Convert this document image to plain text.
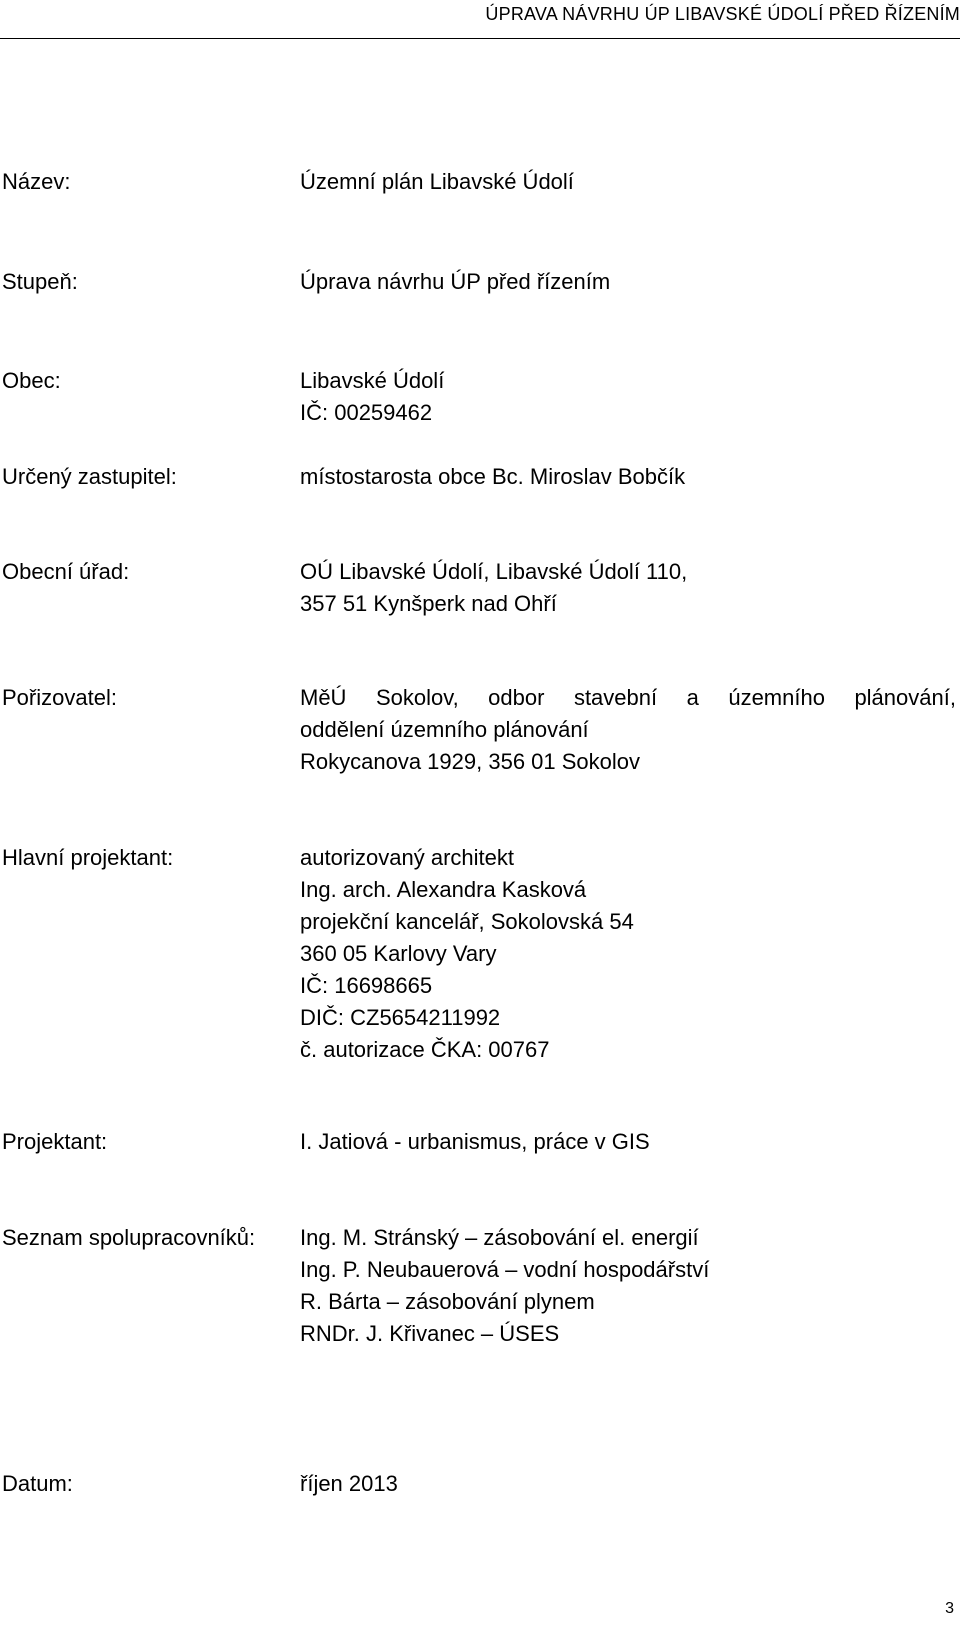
ÚPRAVA NÁVRHU ÚP LIBAVSKÉ ÚDOLÍ PŘED ŘÍZENÍM
Název:	Územní plán Libavské Údolí
Stupeň:	Úprava návrhu ÚP před řízením
Obec:	Libavské Údolí
IČ: 00259462
Určený zastupitel:	místostarosta obce Bc. Miroslav Bobčík
Obecní úřad:	OÚ Libavské Údolí, Libavské Údolí 110,
357 51 Kynšperk nad Ohří
Pořizovatel:	MěÚ Sokolov, odbor stavební a územního plánování,
oddělení územního plánování
Rokycanova 1929, 356 01 Sokolov
Hlavní projektant:	autorizovaný architekt
Ing. arch. Alexandra Kasková
projekční kancelář, Sokolovská 54
360 05 Karlovy Vary
IČ: 16698665
DIČ: CZ5654211992
č. autorizace ČKA: 00767
Projektant:	I. Jatiová - urbanismus, práce v GIS
Seznam spolupracovníků: Ing. M. Stránský – zásobování el. energií
Ing. P. Neubauerová – vodní hospodářství
R. Bárta – zásobování plynem
RNDr. J. Křivanec – ÚSES
Datum:	říjen 2013
3
